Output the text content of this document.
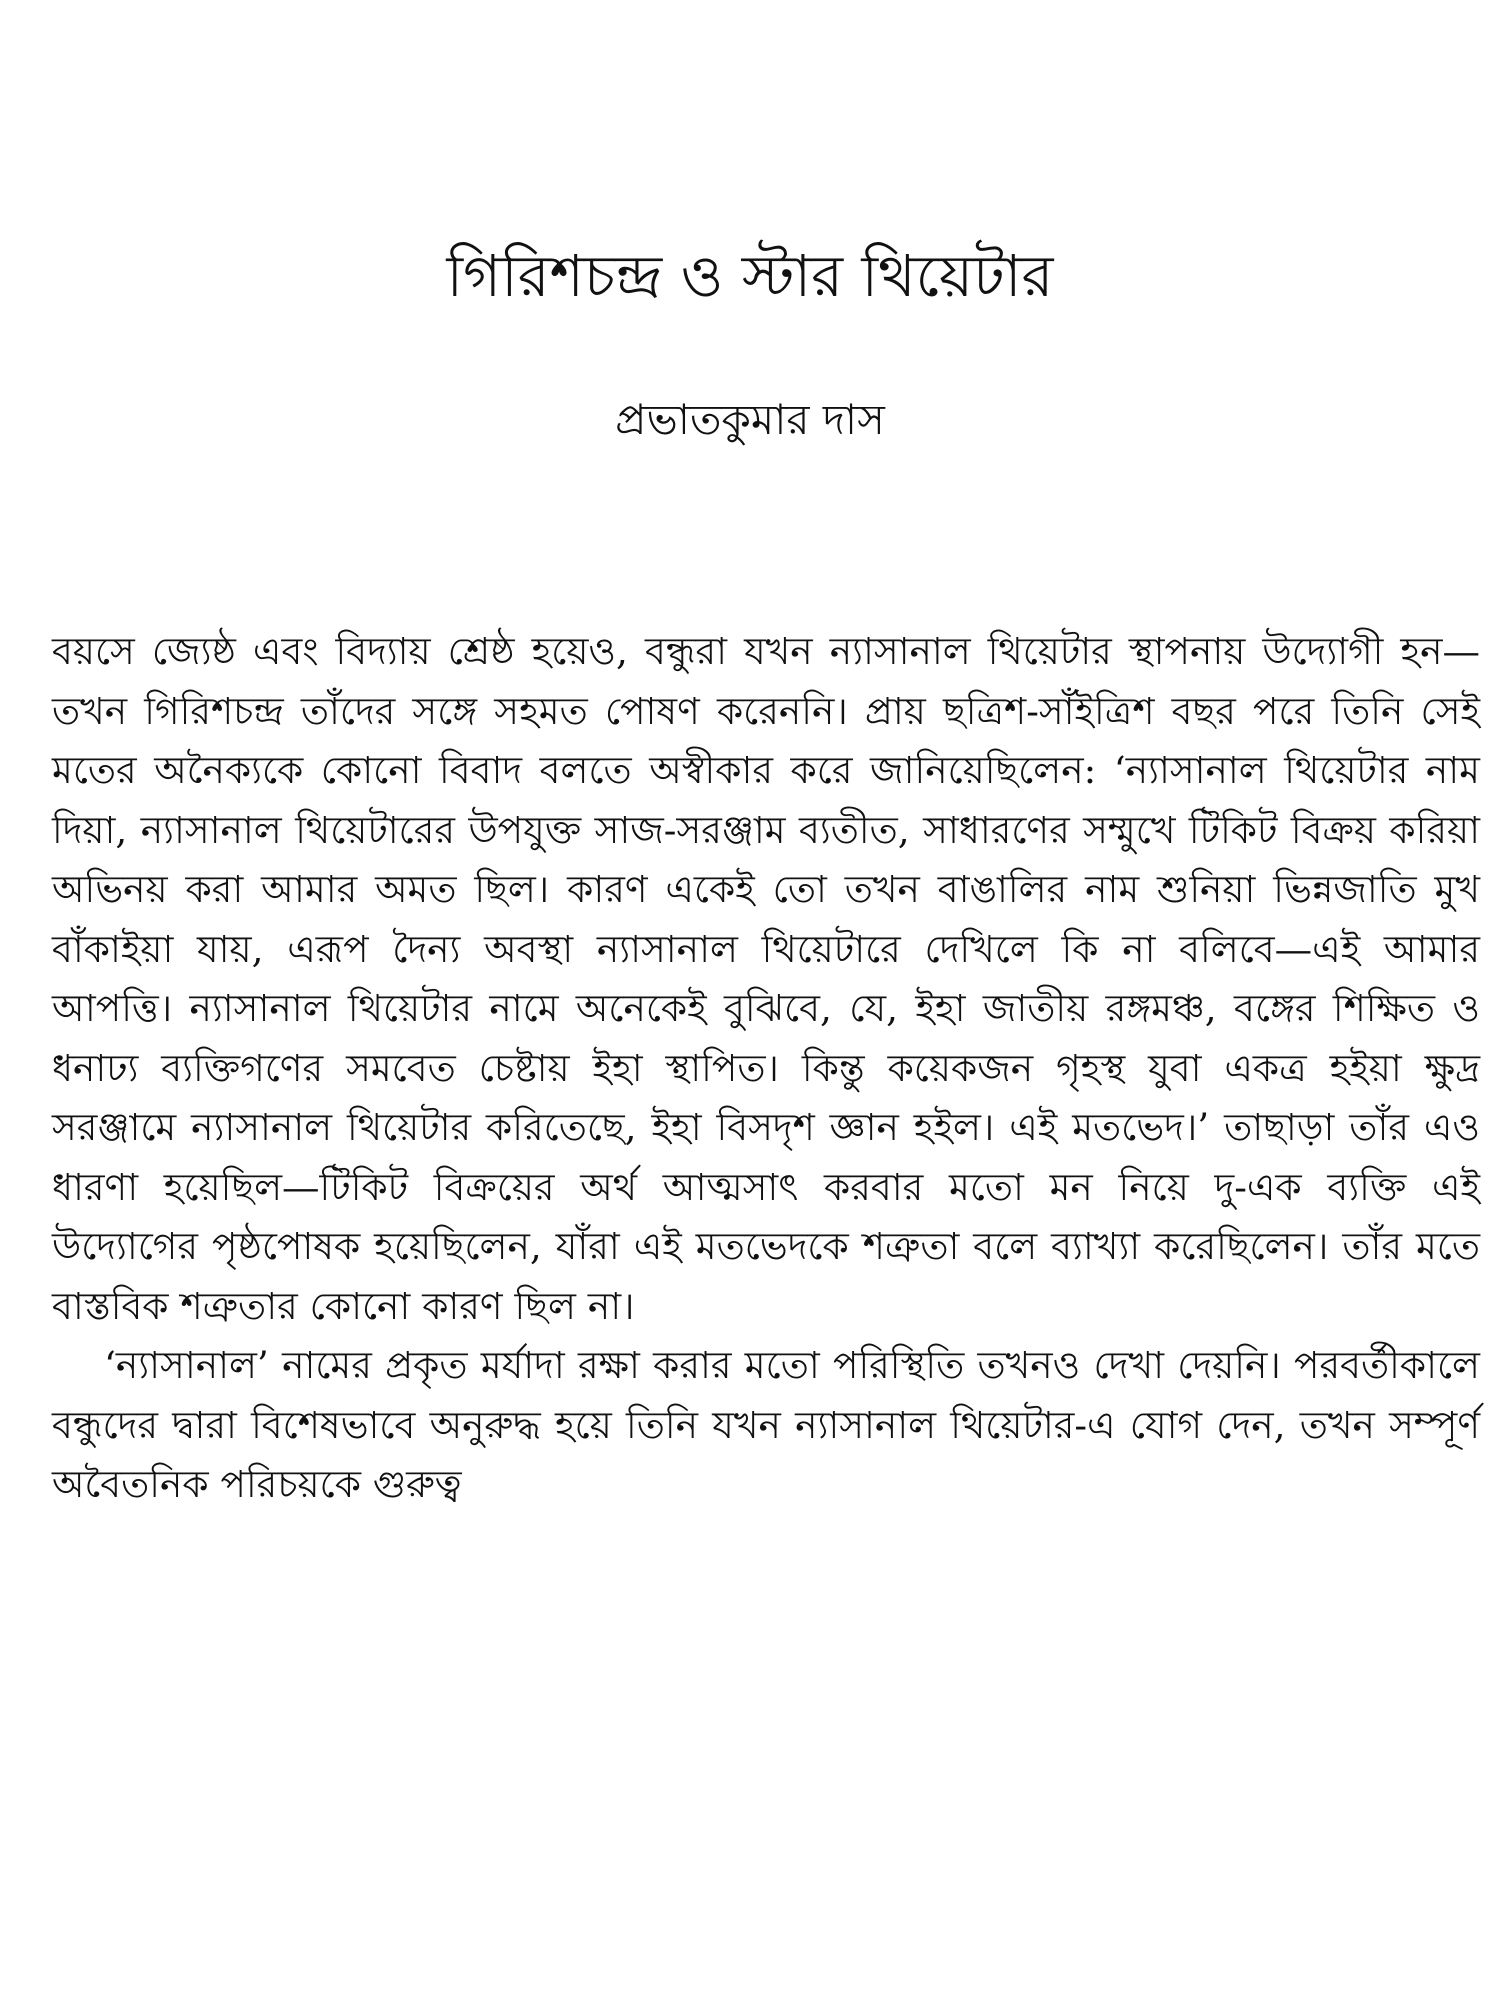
গিরিশচন্দ্র ও স্টার থিয়েটার
প্রভাতকুমার দাস

বয়সে জ্যেষ্ঠ এবং বিদ্যায় শ্রেষ্ঠ হয়েও, বন্ধুরা যখন ন্যাসানাল থিয়েটার স্থাপনায় উদ্যোগী হন—তখন গিরিশচন্দ্র তাঁদের সঙ্গে সহমত পোষণ করেননি। প্রায় ছত্রিশ-সাঁইত্রিশ বছর পরে তিনি সেই মতের অনৈক্যকে কোনো বিবাদ বলতে অস্বীকার করে জানিয়েছিলেন: ‘ন্যাসানাল থিয়েটার নাম দিয়া, ন্যাসানাল থিয়েটারের উপযুক্ত সাজ-সরঞ্জাম ব্যতীত, সাধারণের সম্মুখে টিকিট বিক্রয় করিয়া অভিনয় করা আমার অমত ছিল। কারণ একেই তো তখন বাঙালির নাম শুনিয়া ভিন্নজাতি মুখ বাঁকাইয়া যায়, এরূপ দৈন্য অবস্থা ন্যাসানাল থিয়েটারে দেখিলে কি না বলিবে—এই আমার আপত্তি। ন্যাসানাল থিয়েটার নামে অনেকেই বুঝিবে, যে, ইহা জাতীয় রঙ্গমঞ্চ, বঙ্গের শিক্ষিত ও ধনাঢ্য ব্যক্তিগণের সমবেত চেষ্টায় ইহা স্থাপিত। কিন্তু কয়েকজন গৃহস্থ যুবা একত্র হইয়া ক্ষুদ্র সরঞ্জামে ন্যাসানাল থিয়েটার করিতেছে, ইহা বিসদৃশ জ্ঞান হইল। এই মতভেদ।’ তাছাড়া তাঁর এও ধারণা হয়েছিল—টিকিট বিক্রয়ের অর্থ আত্মসাৎ করবার মতো মন নিয়ে দু-এক ব্যক্তি এই উদ্যোগের পৃষ্ঠপোষক হয়েছিলেন, যাঁরা এই মতভেদকে শত্রুতা বলে ব্যাখ্যা করেছিলেন। তাঁর মতে বাস্তবিক শত্রুতার কোনো কারণ ছিল না।

‘ন্যাসানাল’ নামের প্রকৃত মর্যাদা রক্ষা করার মতো পরিস্থিতি তখনও দেখা দেয়নি। পরবর্তীকালে বন্ধুদের দ্বারা বিশেষভাবে অনুরুদ্ধ হয়ে তিনি যখন ন্যাসানাল থিয়েটার-এ যোগ দেন, তখন সম্পূর্ণ অবৈতনিক পরিচয়কে গুরুত্ব
